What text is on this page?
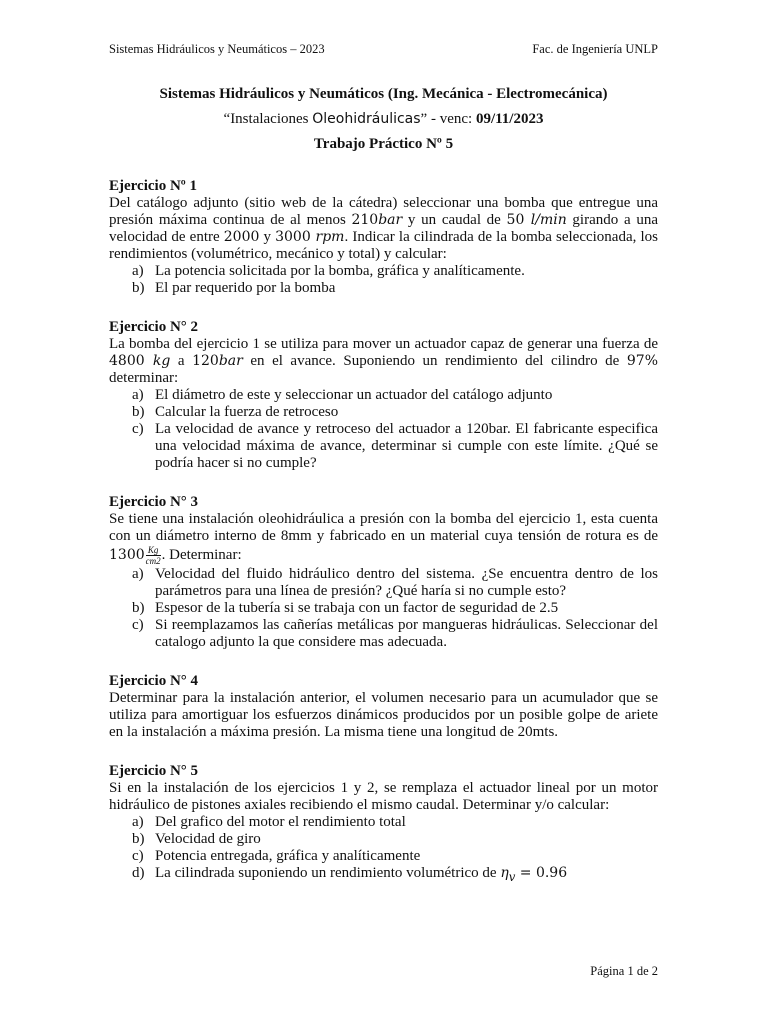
Sistemas Hidráulicos y Neumáticos – 2023	Fac. de Ingeniería UNLP
Sistemas Hidráulicos y Neumáticos (Ing. Mecánica - Electromecánica)
“Instalaciones Oleohidráulicas” - venc: 09/11/2023
Trabajo Práctico Nº 5
Ejercicio Nº 1
Del catálogo adjunto (sitio web de la cátedra) seleccionar una bomba que entregue una presión máxima continua de al menos 210bar y un caudal de 50 l/min girando a una velocidad de entre 2000 y 3000 rpm. Indicar la cilindrada de la bomba seleccionada, los rendimientos (volumétrico, mecánico y total) y calcular:
a) La potencia solicitada por la bomba, gráfica y analíticamente.
b) El par requerido por la bomba
Ejercicio N° 2
La bomba del ejercicio 1 se utiliza para mover un actuador capaz de generar una fuerza de 4800 kg a 120bar en el avance. Suponiendo un rendimiento del cilindro de 97% determinar:
a) El diámetro de este y seleccionar un actuador del catálogo adjunto
b) Calcular la fuerza de retroceso
c) La velocidad de avance y retroceso del actuador a 120bar. El fabricante especifica una velocidad máxima de avance, determinar si cumple con este límite. ¿Qué se podría hacer si no cumple?
Ejercicio N° 3
Se tiene una instalación oleohidráulica a presión con la bomba del ejercicio 1, esta cuenta con un diámetro interno de 8mm y fabricado en un material cuya tensión de rotura es de $1300 \frac{Kg}{cm2}$ . Determinar:
a) Velocidad del fluido hidráulico dentro del sistema. ¿Se encuentra dentro de los parámetros para una línea de presión? ¿Qué haría si no cumple esto?
b) Espesor de la tubería si se trabaja con un factor de seguridad de 2.5
c) Si reemplazamos las cañerías metálicas por mangueras hidráulicas. Seleccionar del catalogo adjunto la que considere mas adecuada.
Ejercicio N° 4
Determinar para la instalación anterior, el volumen necesario para un acumulador que se utiliza para amortiguar los esfuerzos dinámicos producidos por un posible golpe de ariete en la instalación a máxima presión. La misma tiene una longitud de 20mts.
Ejercicio N° 5
Si en la instalación de los ejercicios 1 y 2, se remplaza el actuador lineal por un motor hidráulico de pistones axiales recibiendo el mismo caudal. Determinar y/o calcular:
a) Del grafico del motor el rendimiento total
b) Velocidad de giro
c) Potencia entregada, gráfica y analíticamente
d) La cilindrada suponiendo un rendimiento volumétrico de $\eta_v = 0.96$
Página 1 de 2
